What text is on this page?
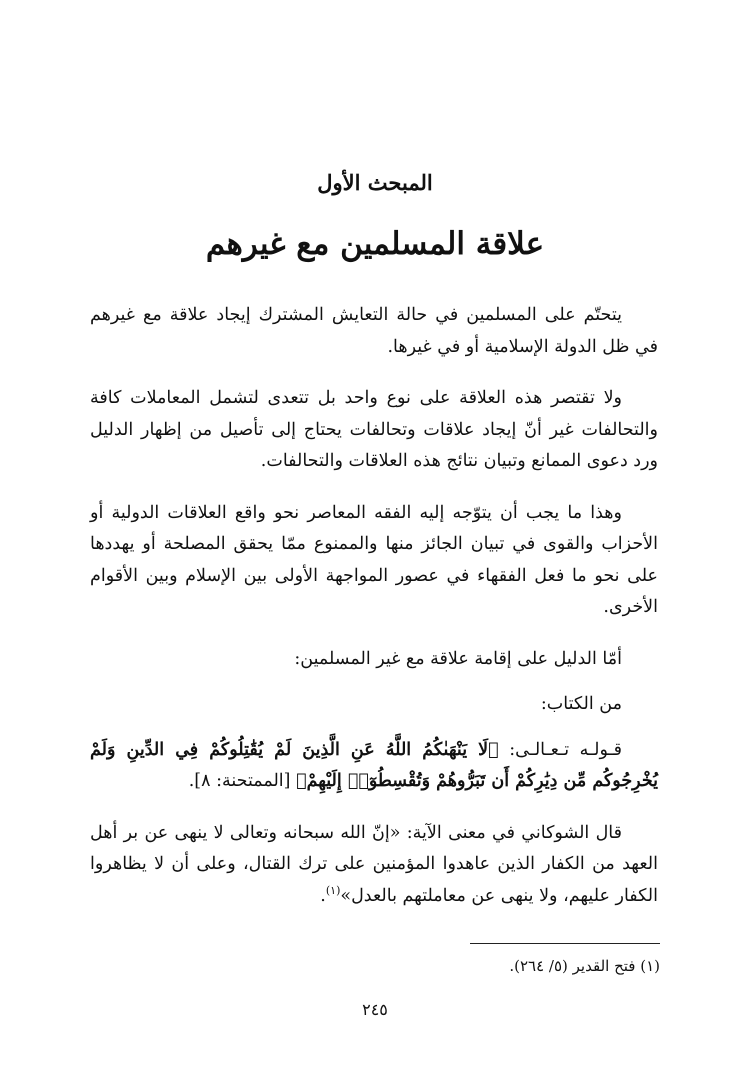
المبحث الأول
علاقة المسلمين مع غيرهم

يتحتّم على المسلمين في حالة التعايش المشترك إيجاد علاقة مع غيرهم في ظل الدولة الإسلامية أو في غيرها.

ولا تقتصر هذه العلاقة على نوع واحد بل تتعدى لتشمل المعاملات كافة والتحالفات غير أنّ إيجاد علاقات وتحالفات يحتاج إلى تأصيل من إظهار الدليل ورد دعوى الممانع وتبيان نتائج هذه العلاقات والتحالفات.

وهذا ما يجب أن يتوّجه إليه الفقه المعاصر نحو واقع العلاقات الدولية أو الأحزاب والقوى في تبيان الجائز منها والممنوع ممّا يحقق المصلحة أو يهددها على نحو ما فعل الفقهاء في عصور المواجهة الأولى بين الإسلام وبين الأقوام الأخرى.

أمّا الدليل على إقامة علاقة مع غير المسلمين:

من الكتاب:

قـولـه تـعـالـى: ﴿لَا يَنْهَىٰكُمُ اللَّهُ عَنِ الَّذِينَ لَمْ يُقَٰتِلُوكُمْ فِي الدِّينِ وَلَمْ يُخْرِجُوكُم مِّن دِيَٰرِكُمْ أَن تَبَرُّوهُمْ وَتُقْسِطُوٓا۟ إِلَيْهِمْ﴾ [الممتحنة: ٨].

قال الشوكاني في معنى الآية: «إنّ الله سبحانه وتعالى لا ينهى عن بر أهل العهد من الكفار الذين عاهدوا المؤمنين على ترك القتال، وعلى أن لا يظاهروا الكفار عليهم، ولا ينهى عن معاملتهم بالعدل»$^{(١)}$.

(١) فتح القدير (٥/ ٢٦٤).
٢٤٥
